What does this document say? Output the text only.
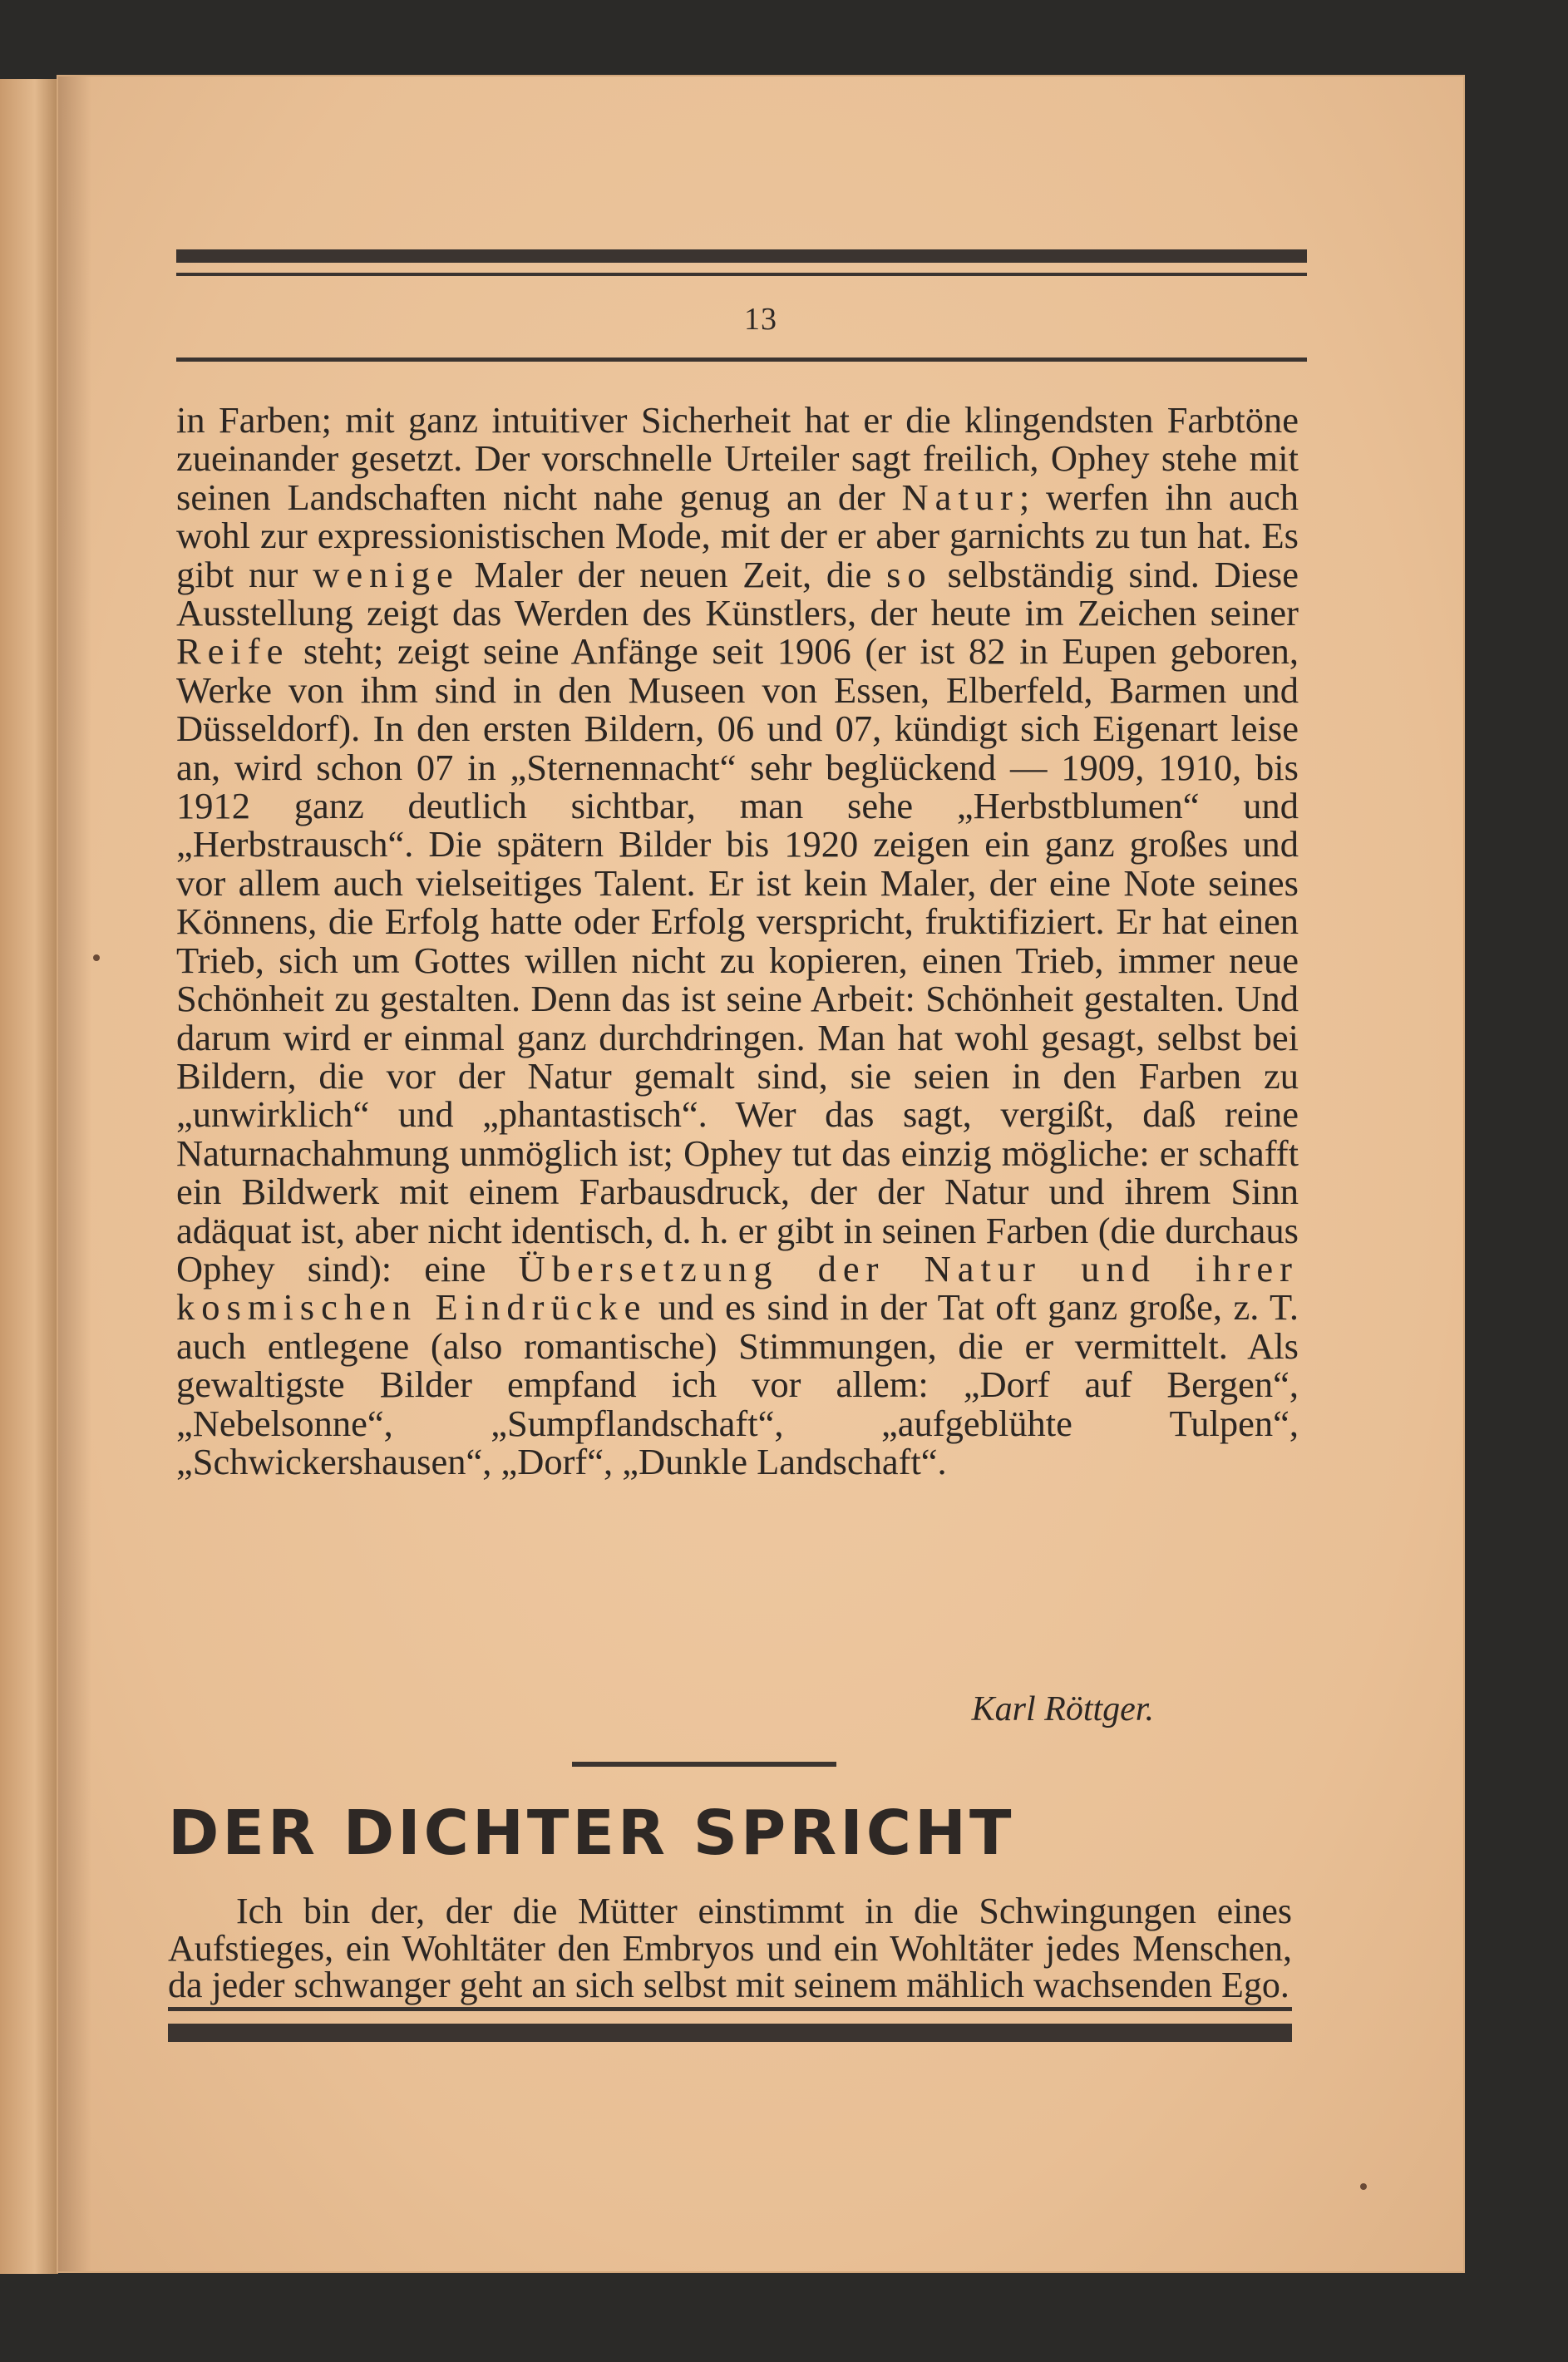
13

in Farben; mit ganz intuitiver Sicherheit hat er die klingendsten Farbtöne zueinander gesetzt. Der vorschnelle Urteiler sagt freilich, Ophey stehe mit seinen Landschaften nicht nahe genug an der Natur; werfen ihn auch wohl zur expressionistischen Mode, mit der er aber garnichts zu tun hat. Es gibt nur wenige Maler der neuen Zeit, die so selbständig sind. Diese Ausstellung zeigt das Werden des Künstlers, der heute im Zeichen seiner Reife steht; zeigt seine Anfänge seit 1906 (er ist 82 in Eupen geboren, Werke von ihm sind in den Museen von Essen, Elberfeld, Barmen und Düsseldorf). In den ersten Bildern, 06 und 07, kündigt sich Eigenart leise an, wird schon 07 in „Sternennacht“ sehr beglückend — 1909, 1910, bis 1912 ganz deutlich sichtbar, man sehe „Herbstblumen“ und „Herbstrausch“. Die spätern Bilder bis 1920 zeigen ein ganz großes und vor allem auch vielseitiges Talent. Er ist kein Maler, der eine Note seines Könnens, die Erfolg hatte oder Erfolg verspricht, fruktifiziert. Er hat einen Trieb, sich um Gottes willen nicht zu kopieren, einen Trieb, immer neue Schönheit zu gestalten. Denn das ist seine Arbeit: Schönheit gestalten. Und darum wird er einmal ganz durchdringen. Man hat wohl gesagt, selbst bei Bildern, die vor der Natur gemalt sind, sie seien in den Farben zu „unwirklich“ und „phantastisch“. Wer das sagt, vergißt, daß reine Naturnachahmung unmöglich ist; Ophey tut das einzig mögliche: er schafft ein Bildwerk mit einem Farbausdruck, der der Natur und ihrem Sinn adäquat ist, aber nicht identisch, d. h. er gibt in seinen Farben (die durchaus Ophey sind): eine Übersetzung der Natur und ihrer kosmischen Eindrücke und es sind in der Tat oft ganz große, z. T. auch entlegene (also romantische) Stimmungen, die er vermittelt. Als gewaltigste Bilder empfand ich vor allem: „Dorf auf Bergen“, „Nebelsonne“, „Sumpflandschaft“, „aufgeblühte Tulpen“, „Schwickershausen“, „Dorf“, „Dunkle Landschaft“.

Karl Röttger.
DER DICHTER SPRICHT
Ich bin der, der die Mütter einstimmt in die Schwingungen eines Aufstieges, ein Wohltäter den Embryos und ein Wohltäter jedes Menschen, da jeder schwanger geht an sich selbst mit seinem mählich wachsenden Ego.
